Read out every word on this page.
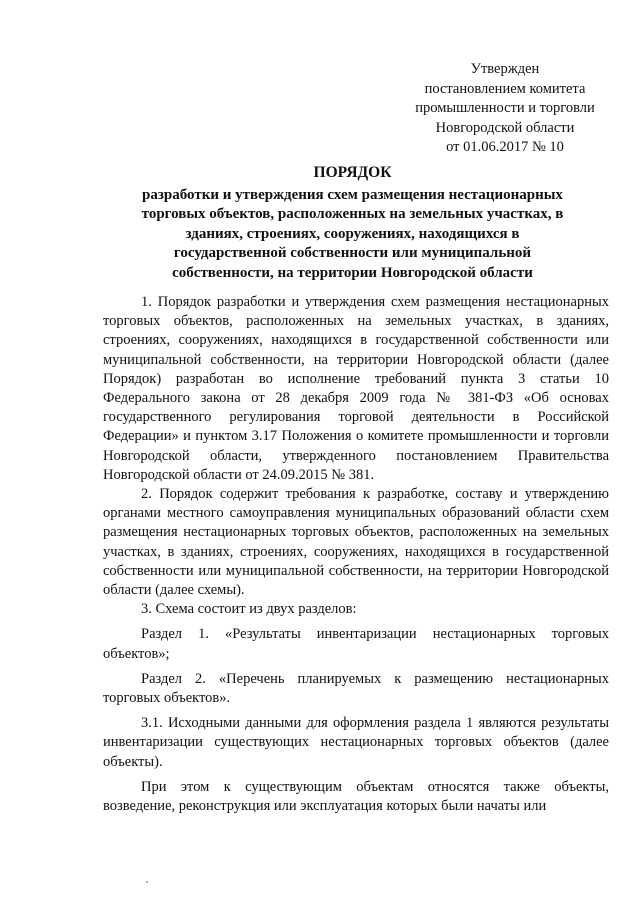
Утвержден
постановлением комитета
промышленности и торговли
Новгородской области
от 01.06.2017 № 10
ПОРЯДОК
разработки и утверждения схем размещения нестационарных
торговых объектов, расположенных на земельных участках, в
зданиях, строениях, сооружениях, находящихся в
государственной собственности или муниципальной
собственности, на территории Новгородской области

1. Порядок разработки и утверждения схем размещения нестационарных торговых объектов, расположенных на земельных участках, в зданиях, строениях, сооружениях, находящихся в государственной собственности или муниципальной собственности, на территории Новгородской области (далее Порядок) разработан во исполнение требований пункта 3 статьи 10 Федерального закона от 28 декабря 2009 года № 381-ФЗ «Об основах государственного регулирования торговой деятельности в Российской Федерации» и пунктом 3.17 Положения о комитете промышленности и торговли Новгородской области, утвержденного постановлением Правительства Новгородской области от 24.09.2015 № 381.

2. Порядок содержит требования к разработке, составу и утверждению органами местного самоуправления муниципальных образований области схем размещения нестационарных торговых объектов, расположенных на земельных участках, в зданиях, строениях, сооружениях, находящихся в государственной собственности или муниципальной собственности, на территории Новгородской области (далее схемы).

3. Схема состоит из двух разделов:

Раздел 1. «Результаты инвентаризации нестационарных торговых объектов»;

Раздел 2. «Перечень планируемых к размещению нестационарных торговых объектов».

3.1. Исходными данными для оформления раздела 1 являются результаты инвентаризации существующих нестационарных торговых объектов (далее объекты).

При этом к существующим объектам относятся также объекты, возведение, реконструкция или эксплуатация которых были начаты или
